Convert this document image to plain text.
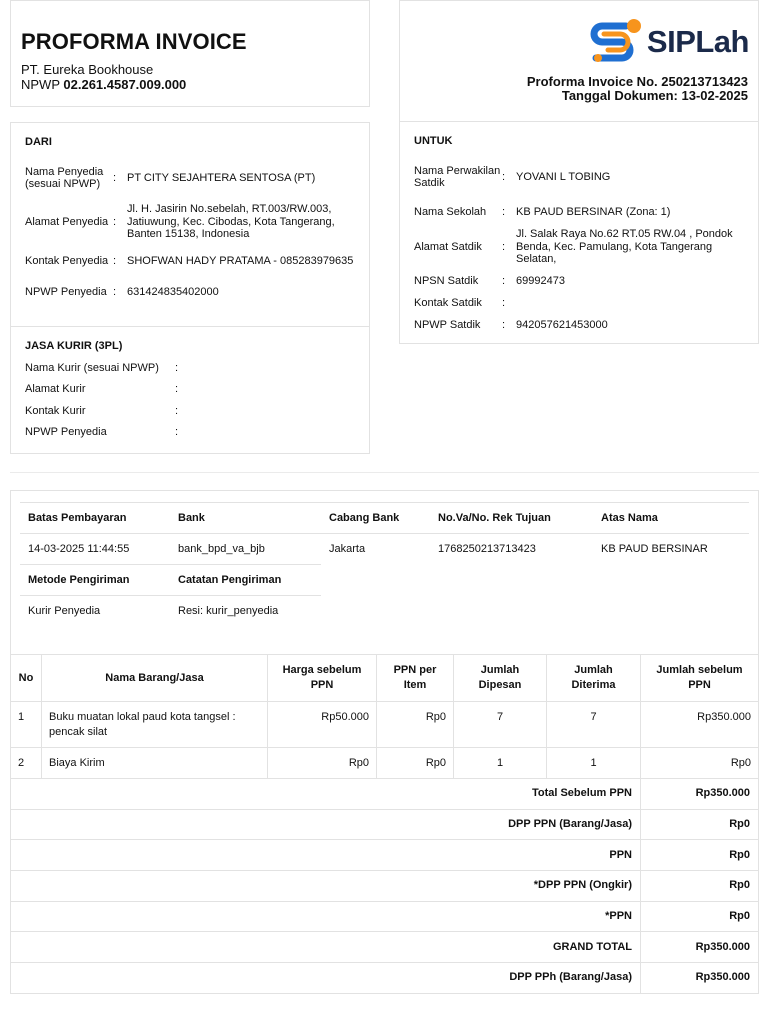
PROFORMA INVOICE
PT. Eureka Bookhouse
NPWP 02.261.4587.009.000
SIPLah
Proforma Invoice No. 250213713423
Tanggal Dokumen: 13-02-2025
DARI
Nama Penyedia (sesuai NPWP)
: PT CITY SEJAHTERA SENTOSA (PT)
Alamat Penyedia :
Jl. H. Jasirin No.sebelah, RT.003/RW.003, Jatiuwung, Kec. Cibodas, Kota Tangerang, Banten 15138, Indonesia
Kontak Penyedia : SHOFWAN HADY PRATAMA - 085283979635
NPWP Penyedia : 631424835402000
JASA KURIR (3PL)
Nama Kurir (sesuai NPWP)	:
Alamat Kurir	:
Kontak Kurir	:
NPWP Penyedia	:
UNTUK
Nama Perwakilan Satdik
: YOVANI L TOBING
Nama Sekolah	: KB PAUD BERSINAR (Zona: 1)
Alamat Satdik	:
Jl. Salak Raya No.62 RT.05 RW.04 , Pondok Benda, Kec. Pamulang, Kota Tangerang Selatan,
NPSN Satdik	: 69992473
Kontak Satdik	:
NPWP Satdik	: 942057621453000
Batas Pembayaran	Bank	Cabang Bank	No.Va/No. Rek Tujuan	Atas Nama
14-03-2025 11:44:55	bank_bpd_va_bjb	Jakarta	1768250213713423	KB PAUD BERSINAR
Metode Pengiriman	Catatan Pengiriman
Kurir Penyedia	Resi: kurir_penyedia
No	Nama Barang/Jasa	Harga sebelum PPN	PPN per Item	Jumlah Dipesan	Jumlah Diterima	Jumlah sebelum PPN
1	Buku muatan lokal paud kota tangsel : pencak silat	Rp50.000	Rp0	7	7	Rp350.000
2	Biaya Kirim	Rp0	Rp0	1	1	Rp0
Total Sebelum PPN						Rp350.000
DPP PPN (Barang/Jasa)						Rp0
PPN						Rp0
*DPP PPN (Ongkir)						Rp0
*PPN						Rp0
GRAND TOTAL						Rp350.000
DPP PPh (Barang/Jasa)						Rp350.000
